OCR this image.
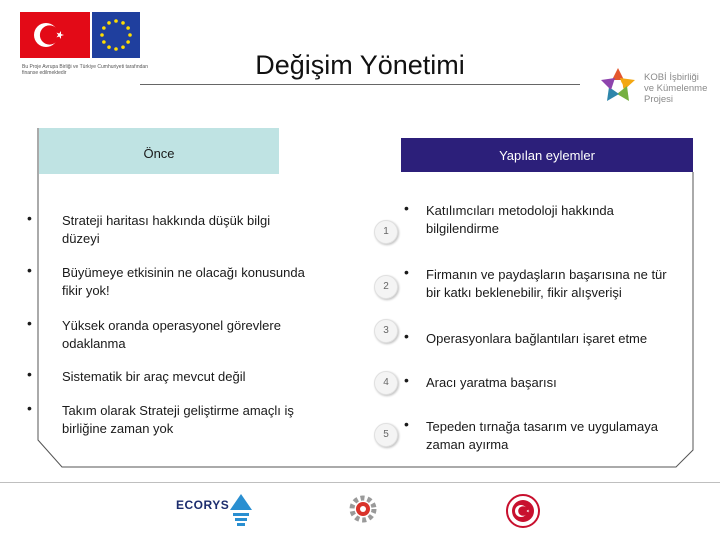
Bu Proje Avrupa Birliği ve Türkiye Cumhuriyeti tarafından finanse edilmektedir	Değişim Yönetimi	KOBİ İşbirliği
ve Kümelenme
Projesi
Önce	Yapılan eylemler
• Strateji haritası hakkında düşük bilgi
düzeyi
• Büyümeye etkisinin ne olacağı konusunda
fikir yok!
• Yüksek oranda operasyonel görevlere
odaklanma
• Sistematik bir araç mevcut değil
• Takım olarak Strateji geliştirme amaçlı iş
birliğine zaman yok
1
2
3
4
5
• Katılımcıları metodoloji hakkında
bilgilendirme
• Firmanın ve paydaşların başarısına ne tür
bir katkı beklenebilir, fikir alışverişi
• Operasyonlara bağlantıları işaret etme
• Aracı yaratma başarısı
• Tepeden tırnağa tasarım ve uygulamaya
zaman ayırma
ECORYS
